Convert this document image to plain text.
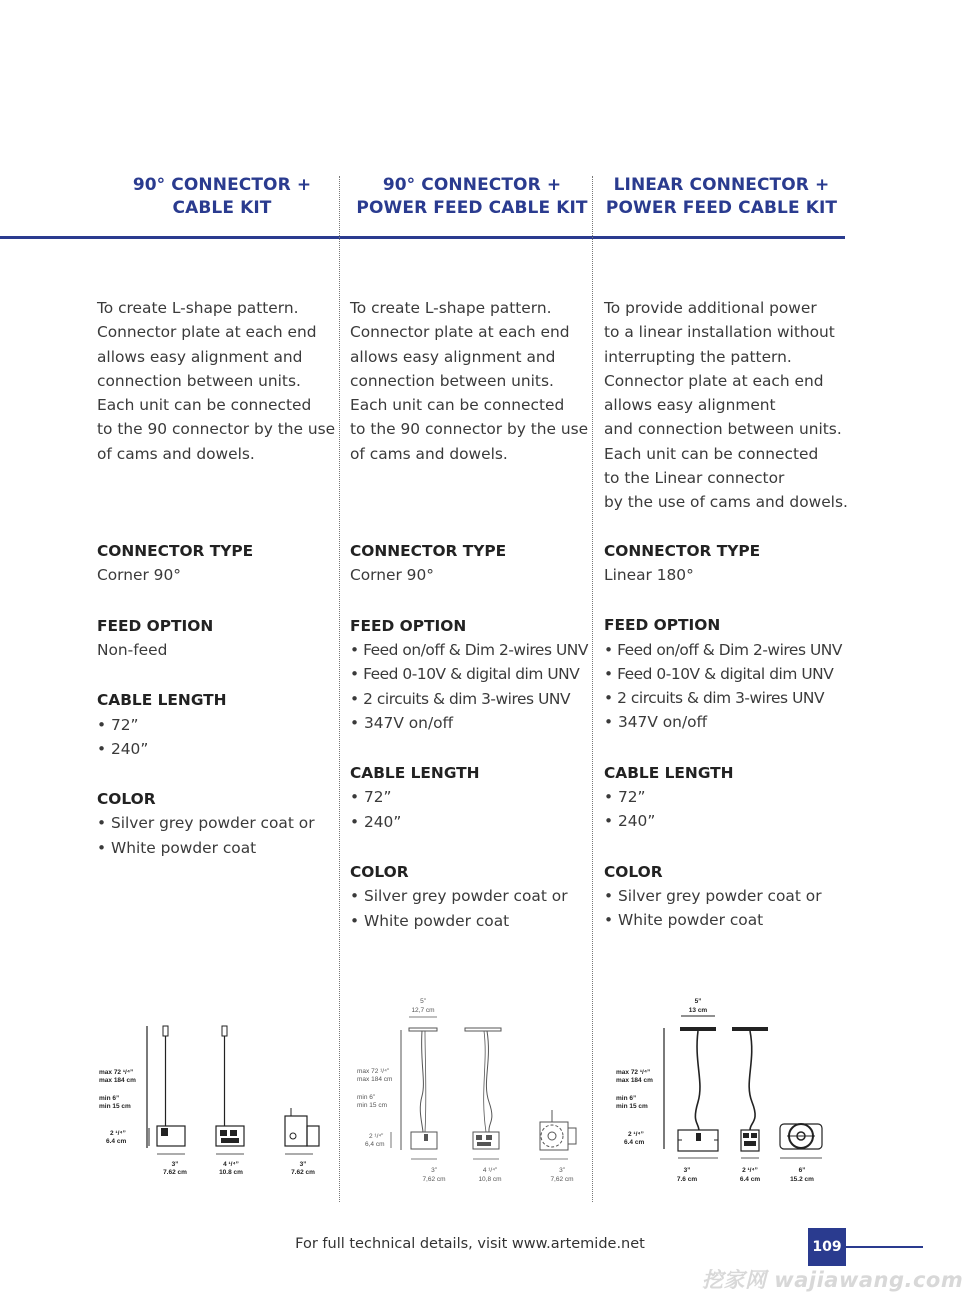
90° CONNECTOR +
CABLE KIT
90° CONNECTOR +
POWER FEED CABLE KIT
LINEAR CONNECTOR +
POWER FEED CABLE KIT

To create L-shape pattern.

Connector plate at each end

allows easy alignment and

connection between units.

Each unit can be connected

to the 90 connector by the use

of cams and dowels.

CONNECTOR TYPE

Corner 90°

FEED OPTION

Non-feed

CABLE LENGTH

• 72”

• 240”

COLOR

• Silver grey powder coat or

• White powder coat

To create L-shape pattern.

Connector plate at each end

allows easy alignment and

connection between units.

Each unit can be connected

to the 90 connector by the use

of cams and dowels.

CONNECTOR TYPE

Corner 90°

FEED OPTION

• Feed on/off & Dim 2-wires UNV

• Feed 0-10V & digital dim UNV

• 2 circuits & dim 3-wires UNV

• 347V on/off

CABLE LENGTH

• 72”

• 240”

COLOR

• Silver grey powder coat or

• White powder coat

To provide additional power

to a linear installation without

interrupting the pattern.

Connector plate at each end

allows easy alignment

and connection between units.

Each unit can be connected

to the Linear connector

by the use of cams and dowels.

CONNECTOR TYPE

Linear 180°

FEED OPTION

• Feed on/off & Dim 2-wires UNV

• Feed 0-10V & digital dim UNV

• 2 circuits & dim 3-wires UNV

• 347V on/off

CABLE LENGTH

• 72”

• 240”

COLOR

• Silver grey powder coat or

• White powder coat

max 72 ¹/⁴”
max 184 cm
min 6”
min 15 cm
2 ¹/⁴”
6.4 cm
3”
7.62 cm
4 ¹/⁴”
10.8 cm
3”
7.62 cm
5”
12,7 cm
max 72 ¹/⁴”
max 184 cm
min 6”
min 15 cm
2 ¹/⁴”
6,4 cm
3”
7,62 cm
4 ¹/⁴”
10,8 cm
3”
7,62 cm
5”
13 cm
max 72 ¹/⁴”
max 184 cm
min 6”
min 15 cm
2 ¹/⁴”
6.4 cm
3”
7.6 cm
2 ¹/⁴”
6.4 cm
6”
15.2 cm
For full technical details, visit www.artemide.net	109
挖家网 wajiawang.com
